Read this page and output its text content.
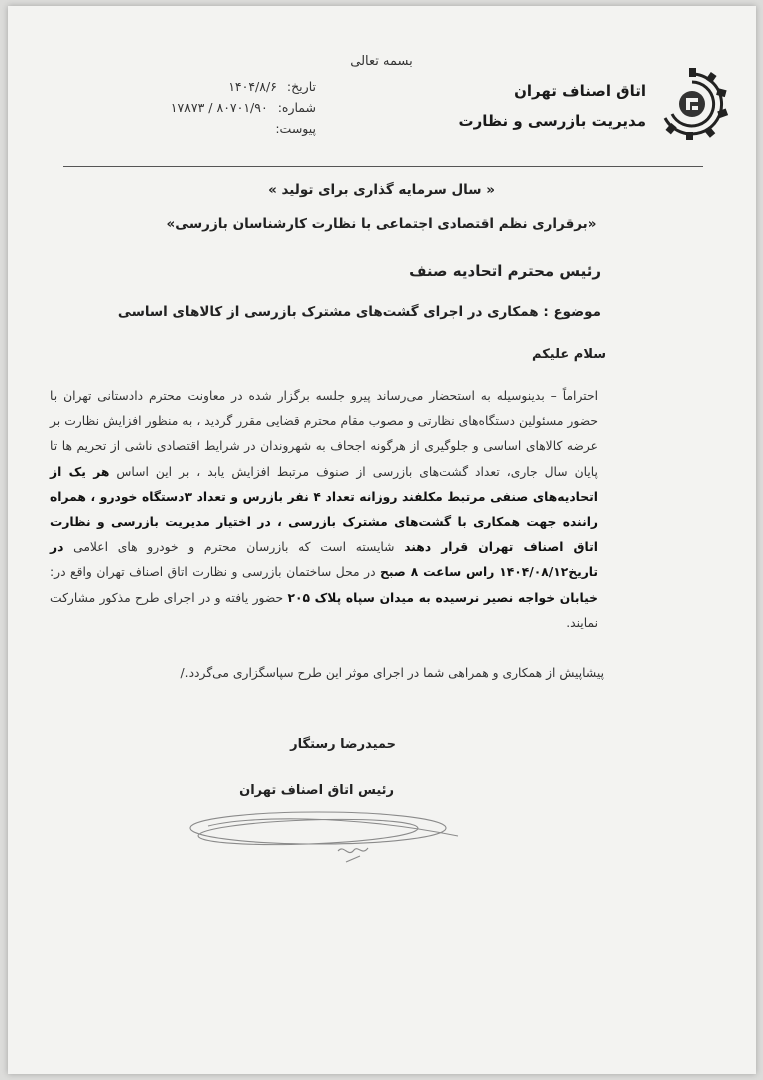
بسمه تعالی
اتاق اصناف تهران
مدیریت بازرسی و نظارت
تاریخ: ۱۴۰۴/۸/۶
شماره: ۸۰۷۰۱/۹۰ / ۱۷۸۷۳
پیوست:
« سال سرمایه گذاری برای تولید »
«برقراری نظم اقتصادی اجتماعی با نظارت کارشناسان بازرسی»
رئیس محترم اتحادیه صنف
موضوع : همکاری در اجرای گشت‌های مشترک بازرسی از کالاهای اساسی
سلام علیکم
احتراماً – بدینوسیله به استحضار می‌رساند پیرو جلسه برگزار شده در معاونت محترم دادستانی تهران با حضور مسئولین دستگاه‌های نظارتی و مصوب مقام محترم قضایی مقرر گردید ، به منظور افزایش نظارت بر عرضه کالاهای اساسی و جلوگیری از هرگونه اجحاف به شهروندان در شرایط اقتصادی ناشی از تحریم ها تا پایان سال جاری، تعداد گشت‌های بازرسی از صنوف مرتبط افزایش یابد ، بر این اساس هر یک از اتحادیه‌های صنفی مرتبط مکلفند روزانه تعداد ۴ نفر بازرس و تعداد ۳دستگاه خودرو ، همراه راننده جهت همکاری با گشت‌های مشترک بازرسی ، در اختیار مدیریت بازرسی و نظارت اتاق اصناف تهران قرار دهند شایسته است که بازرسان محترم و خودرو های اعلامی در تاریخ۱۴۰۴/۰۸/۱۲ راس ساعت ۸ صبح در محل ساختمان بازرسی و نظارت اتاق اصناف تهران واقع در: خیابان خواجه نصیر نرسیده به میدان سپاه پلاک ۲۰۵ حضور یافته و در اجرای طرح مذکور مشارکت نمایند.
پیشاپیش از همکاری و همراهی شما در اجرای موثر این طرح سپاسگزاری می‌گردد./
حمیدرضا رستگار
رئیس اتاق اصناف تهران
